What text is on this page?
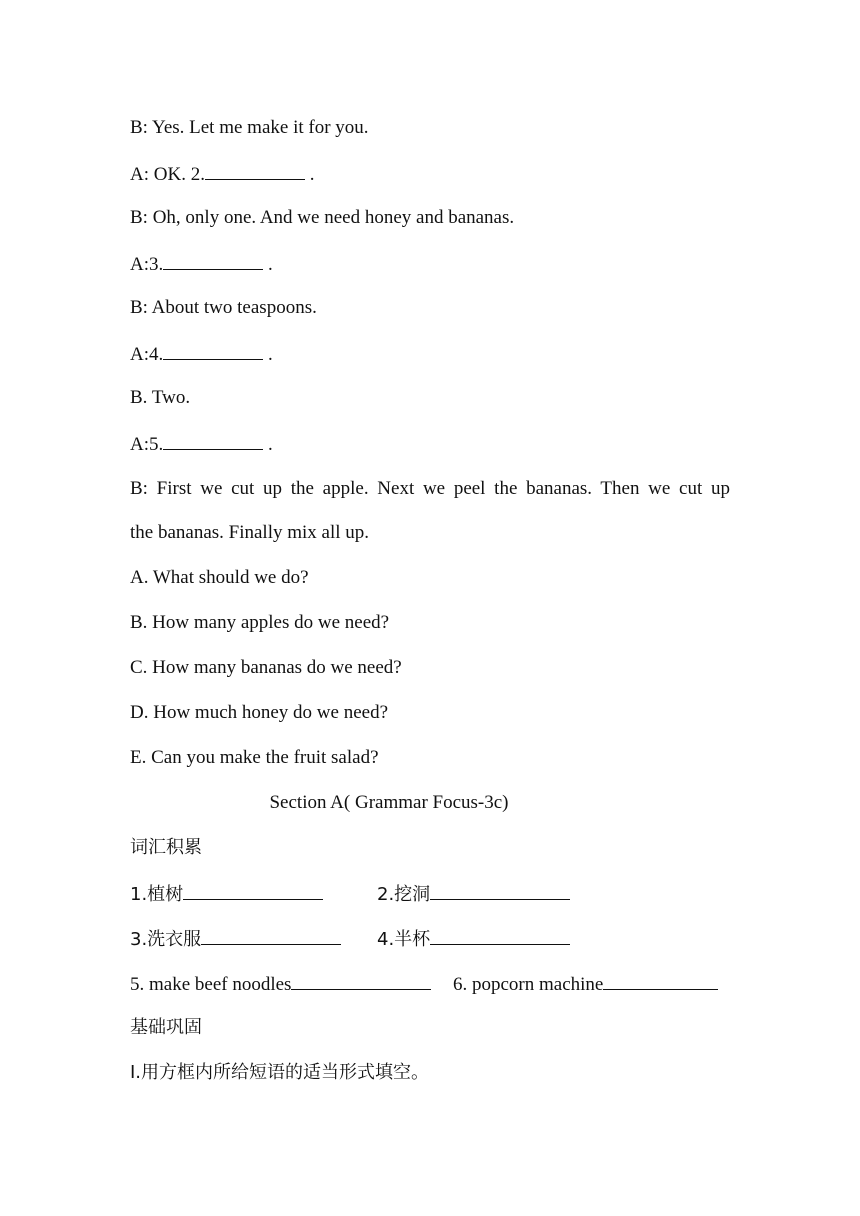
B: Yes. Let me make it for you.
A: OK. 2.	.
B: Oh, only one. And we need honey and bananas.
A:3.	.
B: About two teaspoons.
A:4.	.
B. Two.
A:5.	.
B: First we cut up the apple. Next we peel the bananas. Then we cut up
the bananas. Finally mix all up.
A. What should we do?
B. How many apples do we need?
C. How many bananas do we need?
D. How much honey do we need?
E. Can you make the fruit salad?
Section A( Grammar Focus-3c)
词汇积累
1.植树	2.挖洞
3.洗衣服	4.半杯
5. make beef noodles	6. popcorn machine
基础巩固
I.用方框内所给短语的适当形式填空。
